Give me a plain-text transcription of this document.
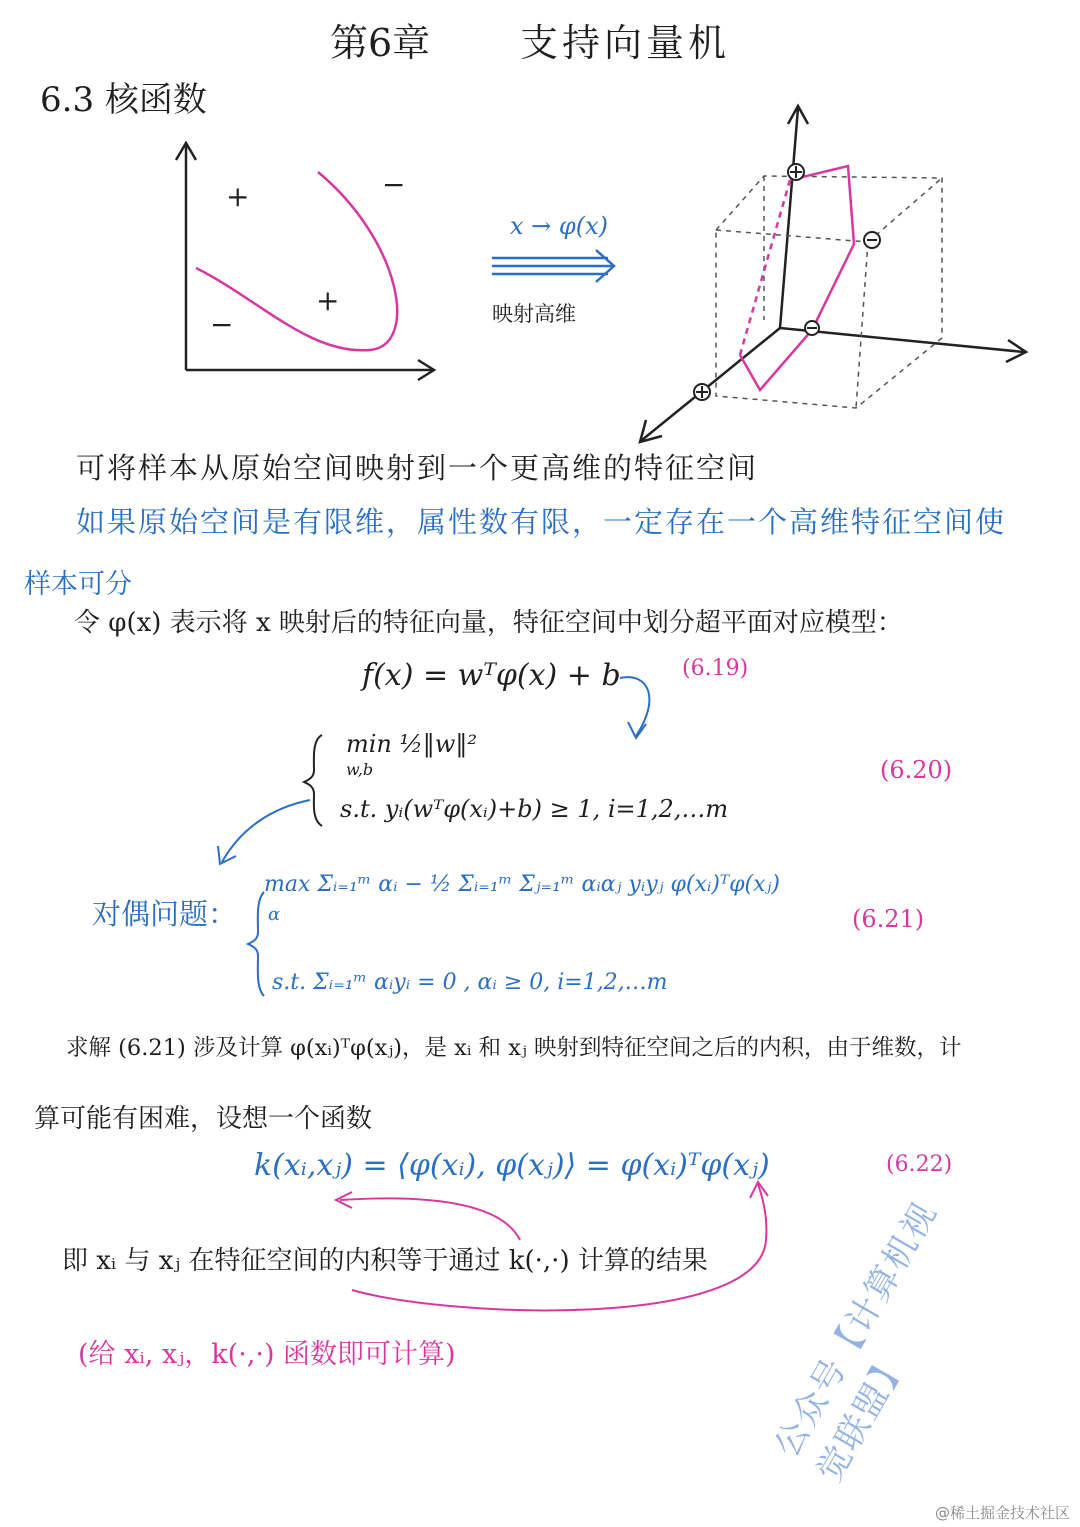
第6章 支持向量机
6.3 核函数
+	−
+
−
x → φ(x)
映射高维
可将样本从原始空间映射到一个更高维的特征空间
如果原始空间是有限维，属性数有限，一定存在一个高维特征空间使
样本可分
令 φ(x) 表示将 x 映射后的特征向量，特征空间中划分超平面对应模型：
f(x) = wᵀφ(x) + b	(6.19)
min ½‖w‖²
w,b
s.t. yᵢ(wᵀφ(xᵢ)+b) ≥ 1, i=1,2,…m
(6.20)
对偶问题：
max Σᵢ₌₁ᵐ αᵢ − ½ Σᵢ₌₁ᵐ Σⱼ₌₁ᵐ αᵢαⱼ yᵢyⱼ φ(xᵢ)ᵀφ(xⱼ)
α
s.t. Σᵢ₌₁ᵐ αᵢyᵢ = 0 , αᵢ ≥ 0, i=1,2,…m
(6.21)
求解 (6.21) 涉及计算 φ(xᵢ)ᵀφ(xⱼ)，是 xᵢ 和 xⱼ 映射到特征空间之后的内积，由于维数，计
算可能有困难，设想一个函数
k(xᵢ,xⱼ) = ⟨φ(xᵢ), φ(xⱼ)⟩ = φ(xᵢ)ᵀφ(xⱼ)	(6.22)
即 xᵢ 与 xⱼ 在特征空间的内积等于通过 k(·,·) 计算的结果
(给 xᵢ, xⱼ，k(·,·) 函数即可计算)	公众号【计算机视觉联盟】
@稀土掘金技术社区
